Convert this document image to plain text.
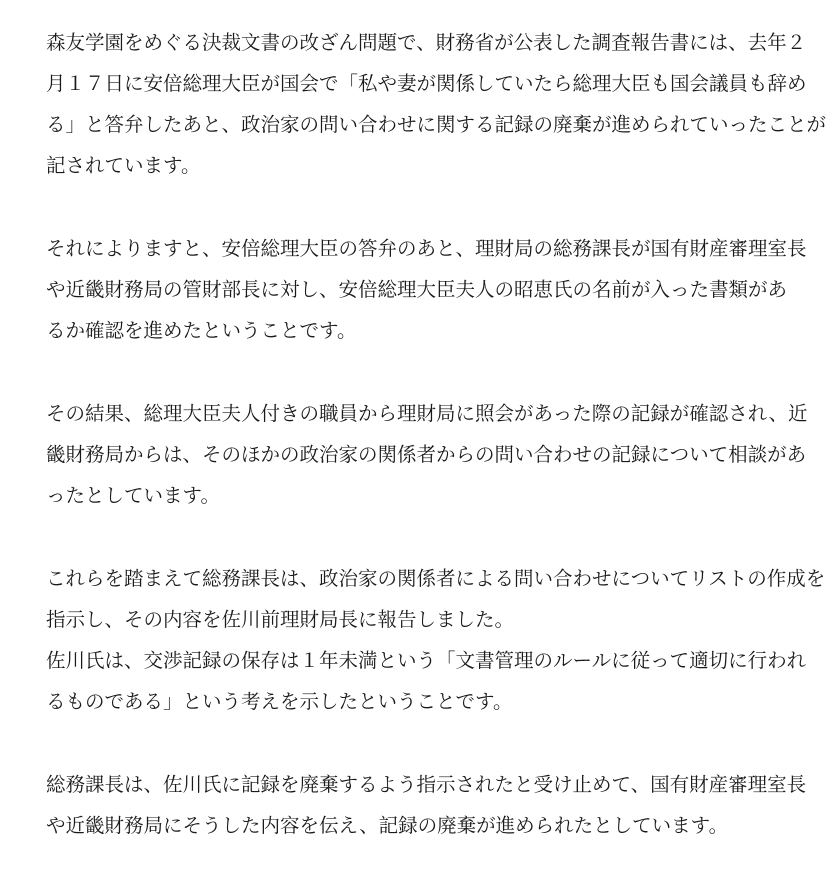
森友学園をめぐる決裁文書の改ざん問題で、財務省が公表した調査報告書には、去年２
月１７日に安倍総理大臣が国会で「私や妻が関係していたら総理大臣も国会議員も辞め
る」と答弁したあと、政治家の問い合わせに関する記録の廃棄が進められていったことが
記されています。

それによりますと、安倍総理大臣の答弁のあと、理財局の総務課長が国有財産審理室長
や近畿財務局の管財部長に対し、安倍総理大臣夫人の昭恵氏の名前が入った書類があ
るか確認を進めたということです。

その結果、総理大臣夫人付きの職員から理財局に照会があった際の記録が確認され、近
畿財務局からは、そのほかの政治家の関係者からの問い合わせの記録について相談があ
ったとしています。

これらを踏まえて総務課長は、政治家の関係者による問い合わせについてリストの作成を
指示し、その内容を佐川前理財局長に報告しました。
佐川氏は、交渉記録の保存は１年未満という「文書管理のルールに従って適切に行われ
るものである」という考えを示したということです。

総務課長は、佐川氏に記録を廃棄するよう指示されたと受け止めて、国有財産審理室長
や近畿財務局にそうした内容を伝え、記録の廃棄が進められたとしています。
